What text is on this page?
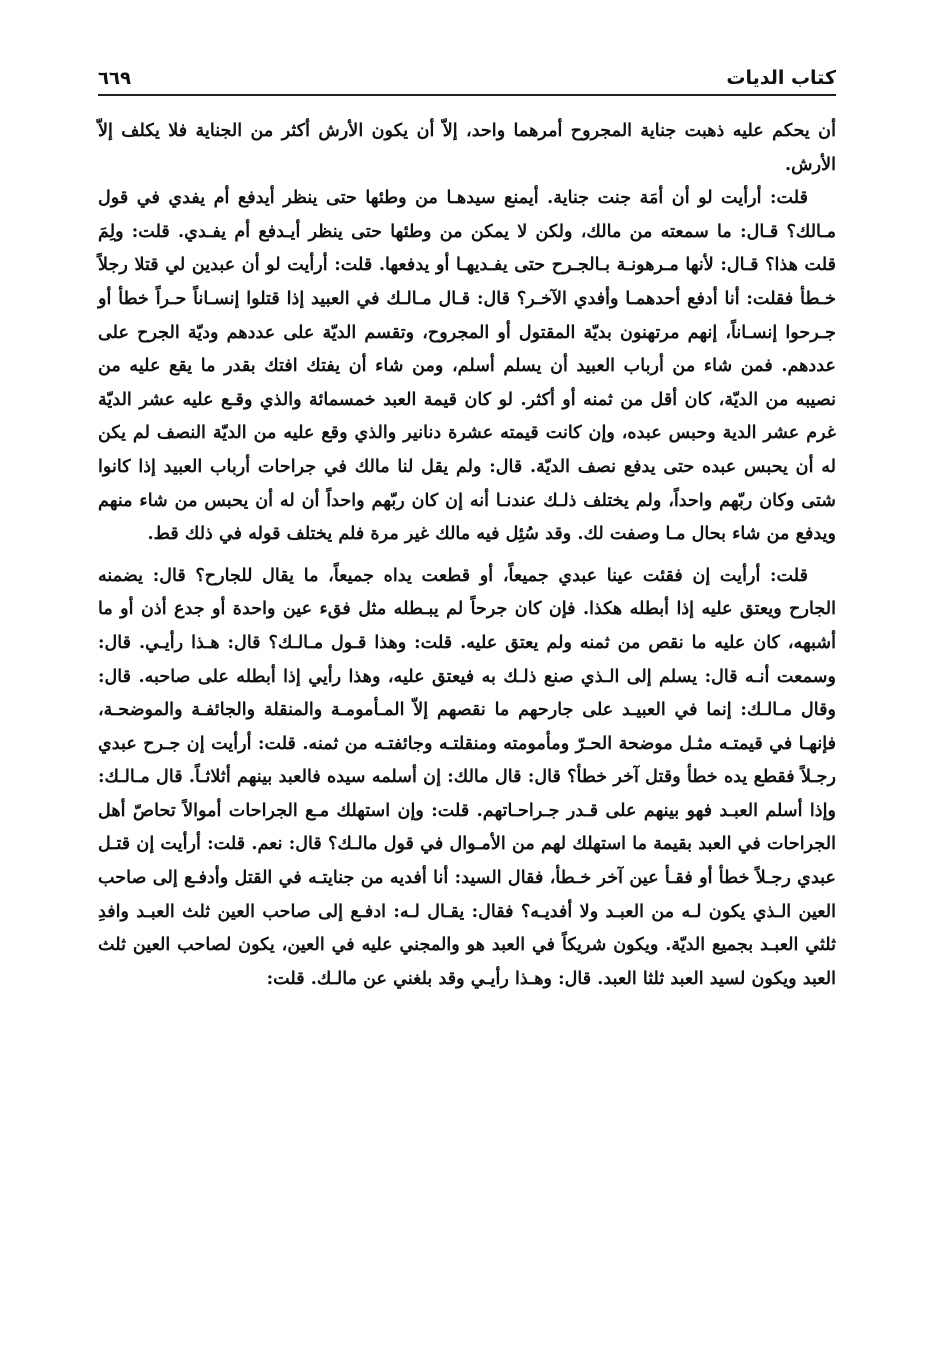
كتاب الديات
٦٦٩

أن يحكم عليه ذهبت جناية المجروح أمرهما واحد، إلاّ أن يكون الأرش أكثر من الجناية فلا يكلف إلاّ الأرش.

قلت: أرأيت لو أن أمَة جنت جناية. أيمنع سيدهـا من وطئها حتى ينظر أيدفع أم يفدي في قول مـالك؟ قـال: ما سمعته من مالك، ولكن لا يمكن من وطئها حتى ينظر أيـدفع أم يفـدي. قلت: ولِمَ قلت هذا؟ قـال: لأنها مـرهونـة بـالجـرح حتى يفـديهـا أو يدفعها. قلت: أرأيت لو أن عبدين لي قتلا رجلاً خـطأ فقلت: أنا أدفع أحدهمـا وأفدي الآخـر؟ قال: قـال مـالـك في العبيد إذا قتلوا إنسـاناً حـراً خطأ أو جـرحوا إنسـاناً، إنهم مرتهنون بديّة المقتول أو المجروح، وتقسم الديّة على عددهم وديّة الجرح على عددهم. فمن شاء من أرباب العبيد أن يسلم أسلم، ومن شاء أن يفتك افتك بقدر ما يقع عليه من نصيبه من الديّة، كان أقل من ثمنه أو أكثر. لو كان قيمة العبد خمسمائة والذي وقـع عليه عشر الديّة غرم عشر الدية وحبس عبده، وإن كانت قيمته عشرة دنانير والذي وقع عليه من الديّة النصف لم يكن له أن يحبس عبده حتى يدفع نصف الديّة. قال: ولم يقل لنا مالك في جراحات أرباب العبيد إذا كانوا شتى وكان ربّهم واحداً، ولم يختلف ذلـك عندنـا أنه إن كان ربّهم واحداً أن له أن يحبس من شاء منهم ويدفع من شاء بحال مـا وصفت لك. وقد سُئِل فيه مالك غير مرة فلم يختلف قوله في ذلك قط.

قلت: أرأيت إن فقئت عينا عبدي جميعاً، أو قطعت يداه جميعاً، ما يقال للجارح؟ قال: يضمنه الجارح ويعتق عليه إذا أبطله هكذا. فإن كان جرحاً لم يبـطله مثل فقء عين واحدة أو جدع أذن أو ما أشبهه، كان عليه ما نقص من ثمنه ولم يعتق عليه. قلت: وهذا قـول مـالـك؟ قال: هـذا رأيـي. قال: وسمعت أنـه قال: يسلم إلى الـذي صنع ذلـك به فيعتق عليه، وهذا رأيي إذا أبطله على صاحبه. قال: وقال مـالـك: إنما في العبيـد على جارحهم ما نقصهم إلاّ المـأمومـة والمنقلة والجائفـة والموضحـة، فإنهـا في قيمتـه مثـل موضحة الحـرّ ومأمومته ومنقلتـه وجائفتـه من ثمنه. قلت: أرأيت إن جـرح عبدي رجـلاً فقطع يده خطأ وقتل آخر خطأ؟ قال: قال مالك: إن أسلمه سيده فالعبد بينهم أثلاثـاً. قال مـالـك: وإذا أسلم العبـد فهو بينهم على قـدر جـراحـاتهم. قلت: وإن استهلك مـع الجراحات أموالاً تحاصّ أهل الجراحات في العبد بقيمة ما استهلك لهم من الأمـوال في قول مالـك؟ قال: نعم. قلت: أرأيت إن قتـل عبدي رجـلاً خطأ أو فقـأ عين آخر خـطأ، فقال السيد: أنا أفديه من جنايتـه في القتل وأدفـع إلى صاحب العين الـذي يكون لـه من العبـد ولا أفديـه؟ فقال: يقـال لـه: ادفـع إلى صاحب العين ثلث العبـد وافدِ ثلثي العبـد بجميع الديّة. ويكون شريكاً في العبد هو والمجني عليه في العين، يكون لصاحب العين ثلث العبد ويكون لسيد العبد ثلثا العبد. قال: وهـذا رأيـي وقد بلغني عن مالـك. قلت:
